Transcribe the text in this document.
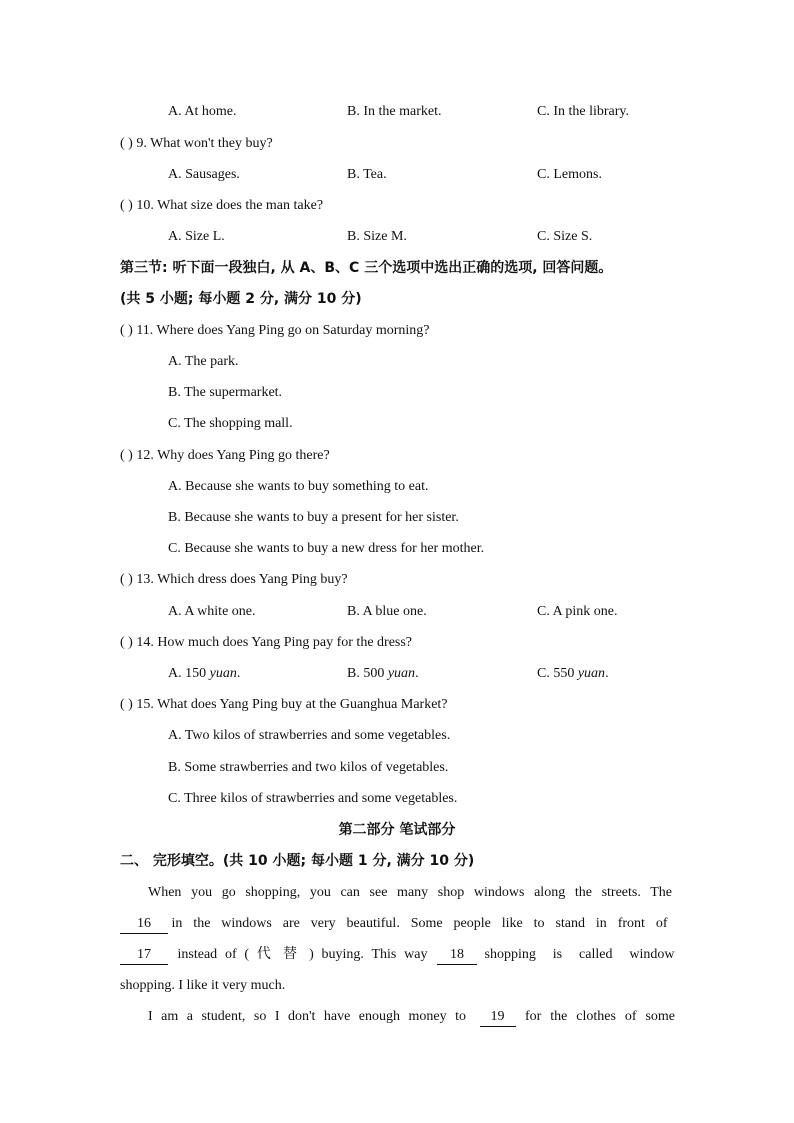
A. At home.	B. In the market.	C. In the library.
( ) 9. What won't they buy?
A. Sausages.	B. Tea.	C. Lemons.
( ) 10. What size does the man take?
A. Size L.	B. Size M.	C. Size S.
第三节: 听下面一段独白, 从 A、B、C 三个选项中选出正确的选项, 回答问题。
(共 5 小题; 每小题 2 分, 满分 10 分)
( ) 11. Where does Yang Ping go on Saturday morning?
A. The park.
B. The supermarket.
C. The shopping mall.
( ) 12. Why does Yang Ping go there?
A. Because she wants to buy something to eat.
B. Because she wants to buy a present for her sister.
C. Because she wants to buy a new dress for her mother.
( ) 13. Which dress does Yang Ping buy?
A. A white one.	B. A blue one.	C. A pink one.
( ) 14. How much does Yang Ping pay for the dress?
A. 150 yuan.	B. 500 yuan.	C. 550 yuan.
( ) 15. What does Yang Ping buy at the Guanghua Market?
A. Two kilos of strawberries and some vegetables.
B. Some strawberries and two kilos of vegetables.
C. Three kilos of strawberries and some vegetables.
第二部分 笔试部分
二、 完形填空。(共 10 小题; 每小题 1 分, 满分 10 分)
When you go shopping, you can see many shop windows along the streets. The
16 in the windows are very beautiful. Some people like to stand in front of
17 instead of ( 代 替 ) buying. This way 18 shopping is called window
shopping. I like it very much.
I am a student, so I don't have enough money to 19 for the clothes of some
